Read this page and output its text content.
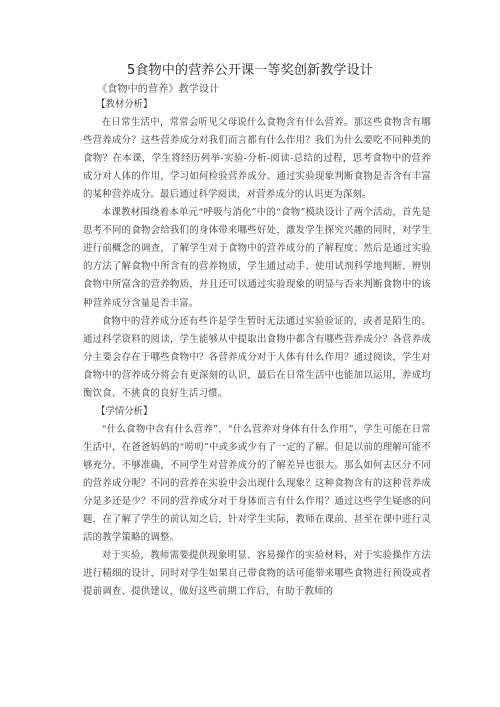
5食物中的营养公开课一等奖创新教学设计
《食物中的营养》教学设计

【教材分析】

在日常生活中，常常会听见父母说什么食物含有什么营养。那这些食物含有哪些营养成分？这些营养成分对我们而言都有什么作用？我们为什么要吃不同种类的食物？在本课，学生将经历列举-实验-分析-阅读-总结的过程，思考食物中的营养成分对人体的作用，学习如何检验营养成分、通过实验现象判断食物是否含有丰富的某种营养成分。最后通过科学阅读，对营养成分的认识更为深刻。

本课教材围绕着本单元“呼吸与消化”中的“食物”模块设计了两个活动，首先是思考不同的食物会给我们的身体带来哪些好处，激发学生探究兴趣的同时，对学生进行前概念的调查，了解学生对于食物中的营养成分的了解程度；然后是通过实验的方法了解食物中所含有的营养物质，学生通过动手、使用试剂科学地判断、辨别食物中所富含的营养物质，并且还可以通过实验现象的明显与否来判断食物中的该种营养成分含量是否丰富。

食物中的营养成分还有些许是学生暂时无法通过实验验证的，或者是陌生的。通过科学资料的阅读，学生能够从中提取出食物中都含有哪些营养成分？各营养成分主要会存在于哪些食物中？各营养成分对于人体有什么作用？通过阅读，学生对食物中的营养成分将会有更深刻的认识，最后在日常生活中也能加以运用，养成均衡饮食、不挑食的良好生活习惯。

【学情分析】

“什么食物中含有什么营养”、“什么营养对身体有什么作用”，学生可能在日常生活中，在爸爸妈妈的“唠叨”中或多或少有了一定的了解。但是以前的理解可能不够充分、不够准确，不同学生对营养成分的了解差异也很大。那么如何去区分不同的营养成分呢？不同的营养在实验中会出现什么现象？这种食物含有的这种营养成分是多还是少？不同的营养成分对于身体而言有什么作用？通过这些学生疑惑的问题，在了解了学生的前认知之后，针对学生实际，教师在课前、甚至在课中进行灵活的教学策略的调整。

对于实验，教师需要提供现象明显、容易操作的实验材料，对于实验操作方法进行精细的设计，同时对学生如果自己带食物的话可能带来哪些食物进行预设或者提前调查、提供建议，做好这些前期工作后，有助于教师的
